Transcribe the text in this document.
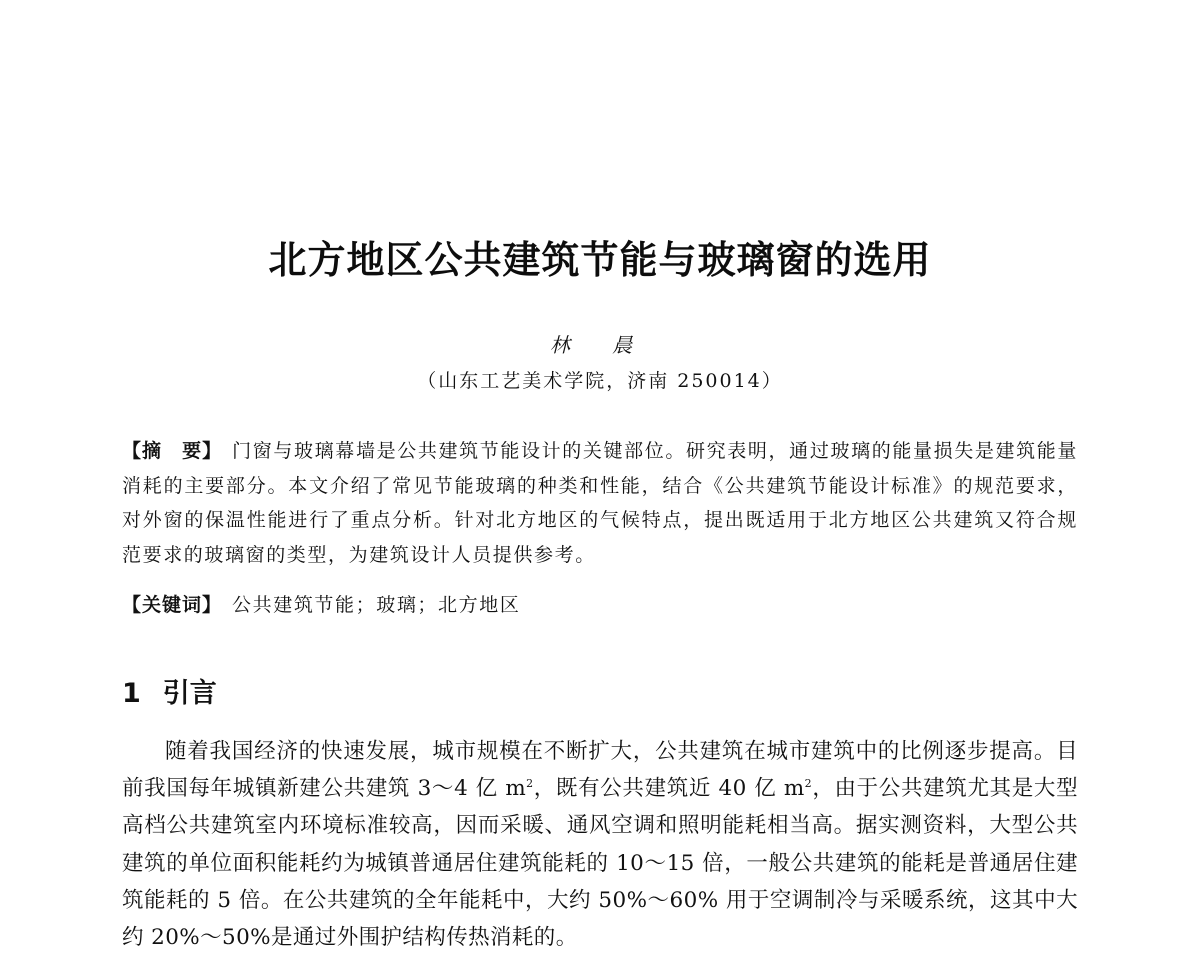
北方地区公共建筑节能与玻璃窗的选用
林 晨
（山东工艺美术学院，济南 250014）
【摘　要】 门窗与玻璃幕墙是公共建筑节能设计的关键部位。研究表明，通过玻璃的能量损失是建筑能量消耗的主要部分。本文介绍了常见节能玻璃的种类和性能，结合《公共建筑节能设计标准》的规范要求，对外窗的保温性能进行了重点分析。针对北方地区的气候特点，提出既适用于北方地区公共建筑又符合规范要求的玻璃窗的类型，为建筑设计人员提供参考。
【关键词】 公共建筑节能；玻璃；北方地区
1 引言
随着我国经济的快速发展，城市规模在不断扩大，公共建筑在城市建筑中的比例逐步提高。目前我国每年城镇新建公共建筑 3～4 亿 $m^2$，既有公共建筑近 40 亿 $m^2$，由于公共建筑尤其是大型高档公共建筑室内环境标准较高，因而采暖、通风空调和照明能耗相当高。据实测资料，大型公共建筑的单位面积能耗约为城镇普通居住建筑能耗的 10～15 倍，一般公共建筑的能耗是普通居住建筑能耗的 5 倍。在公共建筑的全年能耗中，大约 50%～60% 用于空调制冷与采暖系统，这其中大约 20%～50%是通过外围护结构传热消耗的。
